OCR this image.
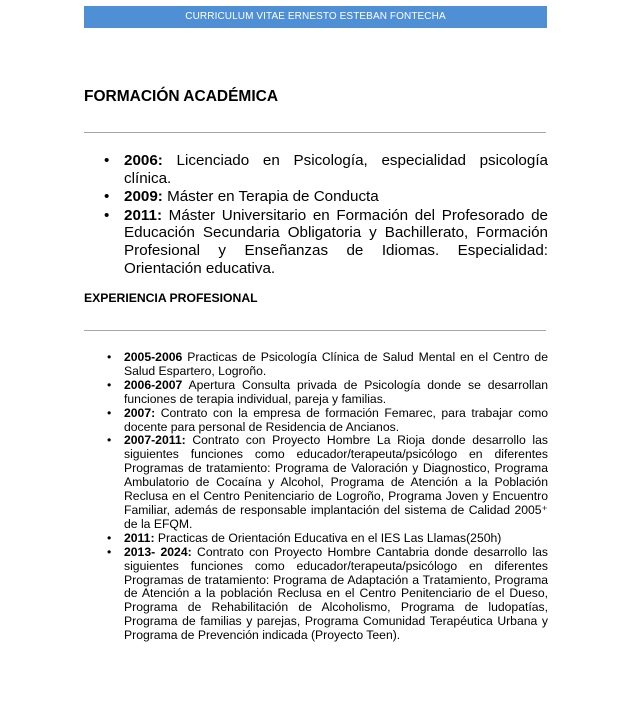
CURRICULUM VITAE ERNESTO ESTEBAN FONTECHA
FORMACIÓN ACADÉMICA
• 2006: Licenciado en Psicología, especialidad psicología clínica.
• 2009: Máster en Terapia de Conducta
• 2011: Máster Universitario en Formación del Profesorado de Educación Secundaria Obligatoria y Bachillerato, Formación Profesional y Enseñanzas de Idiomas. Especialidad: Orientación educativa.
EXPERIENCIA PROFESIONAL
• 2005-2006 Practicas de Psicología Clínica de Salud Mental en el Centro de Salud Espartero, Logroño.
• 2006-2007 Apertura Consulta privada de Psicología donde se desarrollan funciones de terapia individual, pareja y familias.
• 2007: Contrato con la empresa de formación Femarec, para trabajar como docente para personal de Residencia de Ancianos.
• 2007-2011: Contrato con Proyecto Hombre La Rioja donde desarrollo las siguientes funciones como educador/terapeuta/psicólogo en diferentes Programas de tratamiento: Programa de Valoración y Diagnostico, Programa Ambulatorio de Cocaína y Alcohol, Programa de Atención a la Población Reclusa en el Centro Penitenciario de Logroño, Programa Joven y Encuentro Familiar, además de responsable implantación del sistema de Calidad 2005⁺ de la EFQM.
• 2011: Practicas de Orientación Educativa en el IES Las Llamas(250h)
• 2013- 2024: Contrato con Proyecto Hombre Cantabria donde desarrollo las siguientes funciones como educador/terapeuta/psicólogo en diferentes Programas de tratamiento: Programa de Adaptación a Tratamiento, Programa de Atención a la población Reclusa en el Centro Penitenciario de el Dueso, Programa de Rehabilitación de Alcoholismo, Programa de ludopatías, Programa de familias y parejas, Programa Comunidad Terapéutica Urbana y Programa de Prevención indicada (Proyecto Teen).
